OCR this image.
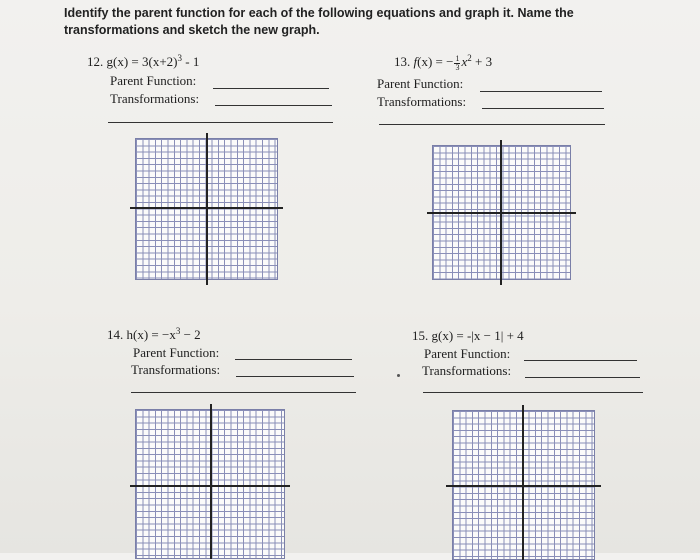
Identify the parent function for each of the following equations and graph it. Name the transformations and sketch the new graph.
12. $g(x) = 3(x+2)^3 - 1$
Parent Function:
Transformations:
13. f(x) = − $\frac{1}{3} x^2 + 3$
Parent Function:
Transformations:
14. $h(x) = -x^3 - 2$
Parent Function:
Transformations:
15. g(x) = -|x − 1| + 4
Parent Function:
Transformations:
